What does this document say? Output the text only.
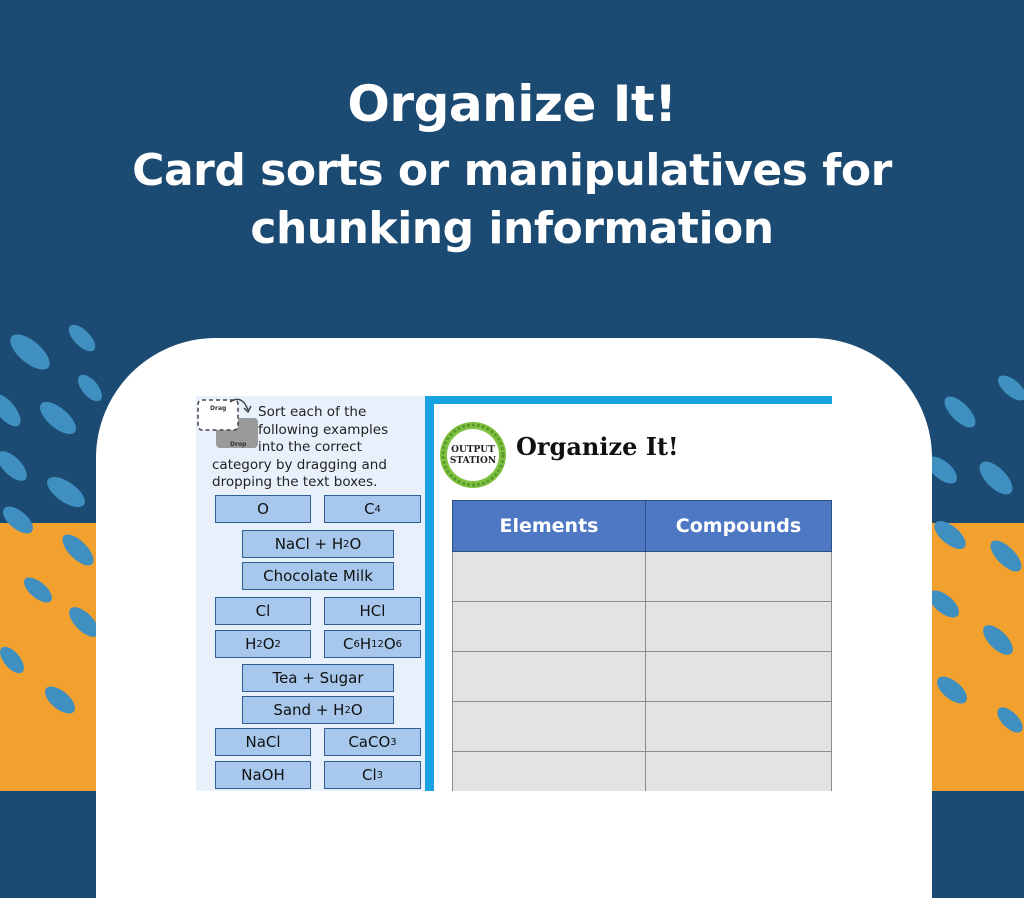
Organize It!
Card sorts or manipulatives for
chunking information
Drag
Drop
Sort each of the
following examples
into the correct
category by dragging and
dropping the text boxes.
O	C 4
NaCl + H 2 O
Chocolate Milk
Cl	HCl
H 2 O 2	C 6 H 12 O 6
Tea + Sugar
Sand + H 2 O
NaCl	CaCO 3
NaOH	Cl 3
OUTPUT
STATION Organize It!
Elements	Compounds
